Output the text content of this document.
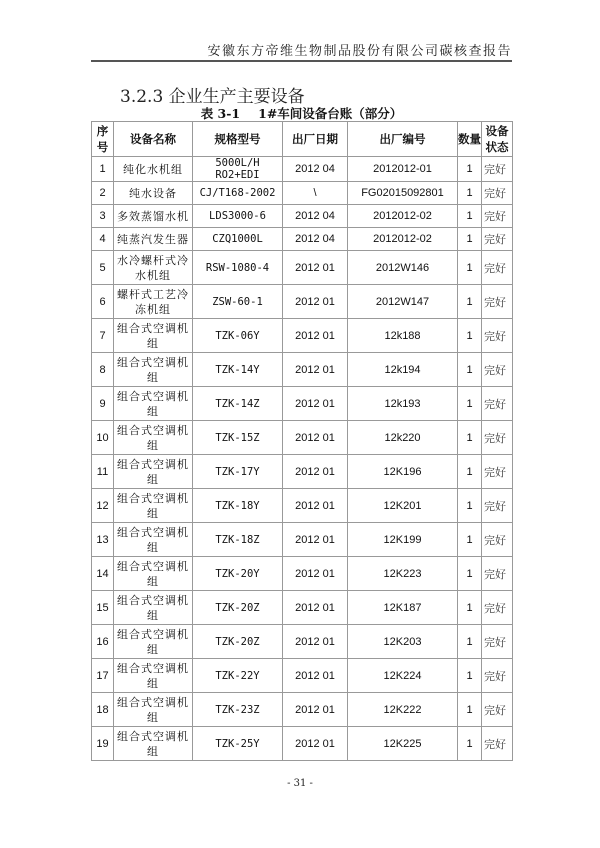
安徽东方帝维生物制品股份有限公司碳核查报告
3.2.3 企业生产主要设备
表 3-1 1#车间设备台账（部分）
序号	设备名称	规格型号	出厂日期	出厂编号	数量	设备状态
1	纯化水机组	5000L/H RO2+EDI	2012 04	2012012-01	1	完好
2	纯水设备	CJ/T168-2002	\	FG02015092801	1	完好
3	多效蒸馏水机	LDS3000-6	2012 04	2012012-02	1	完好
4	纯蒸汽发生器	CZQ1000L	2012 04	2012012-02	1	完好
5	水冷螺杆式冷水机组	RSW-1080-4	2012 01	2012W146	1	完好
6	螺杆式工艺冷冻机组	ZSW-60-1	2012 01	2012W147	1	完好
7	组合式空调机组	TZK-06Y	2012 01	12k188	1	完好
8	组合式空调机组	TZK-14Y	2012 01	12k194	1	完好
9	组合式空调机组	TZK-14Z	2012 01	12k193	1	完好
10	组合式空调机组	TZK-15Z	2012 01	12k220	1	完好
11	组合式空调机组	TZK-17Y	2012 01	12K196	1	完好
12	组合式空调机组	TZK-18Y	2012 01	12K201	1	完好
13	组合式空调机组	TZK-18Z	2012 01	12K199	1	完好
14	组合式空调机组	TZK-20Y	2012 01	12K223	1	完好
15	组合式空调机组	TZK-20Z	2012 01	12K187	1	完好
16	组合式空调机组	TZK-20Z	2012 01	12K203	1	完好
17	组合式空调机组	TZK-22Y	2012 01	12K224	1	完好
18	组合式空调机组	TZK-23Z	2012 01	12K222	1	完好
19	组合式空调机组	TZK-25Y	2012 01	12K225	1	完好
- 31 -
